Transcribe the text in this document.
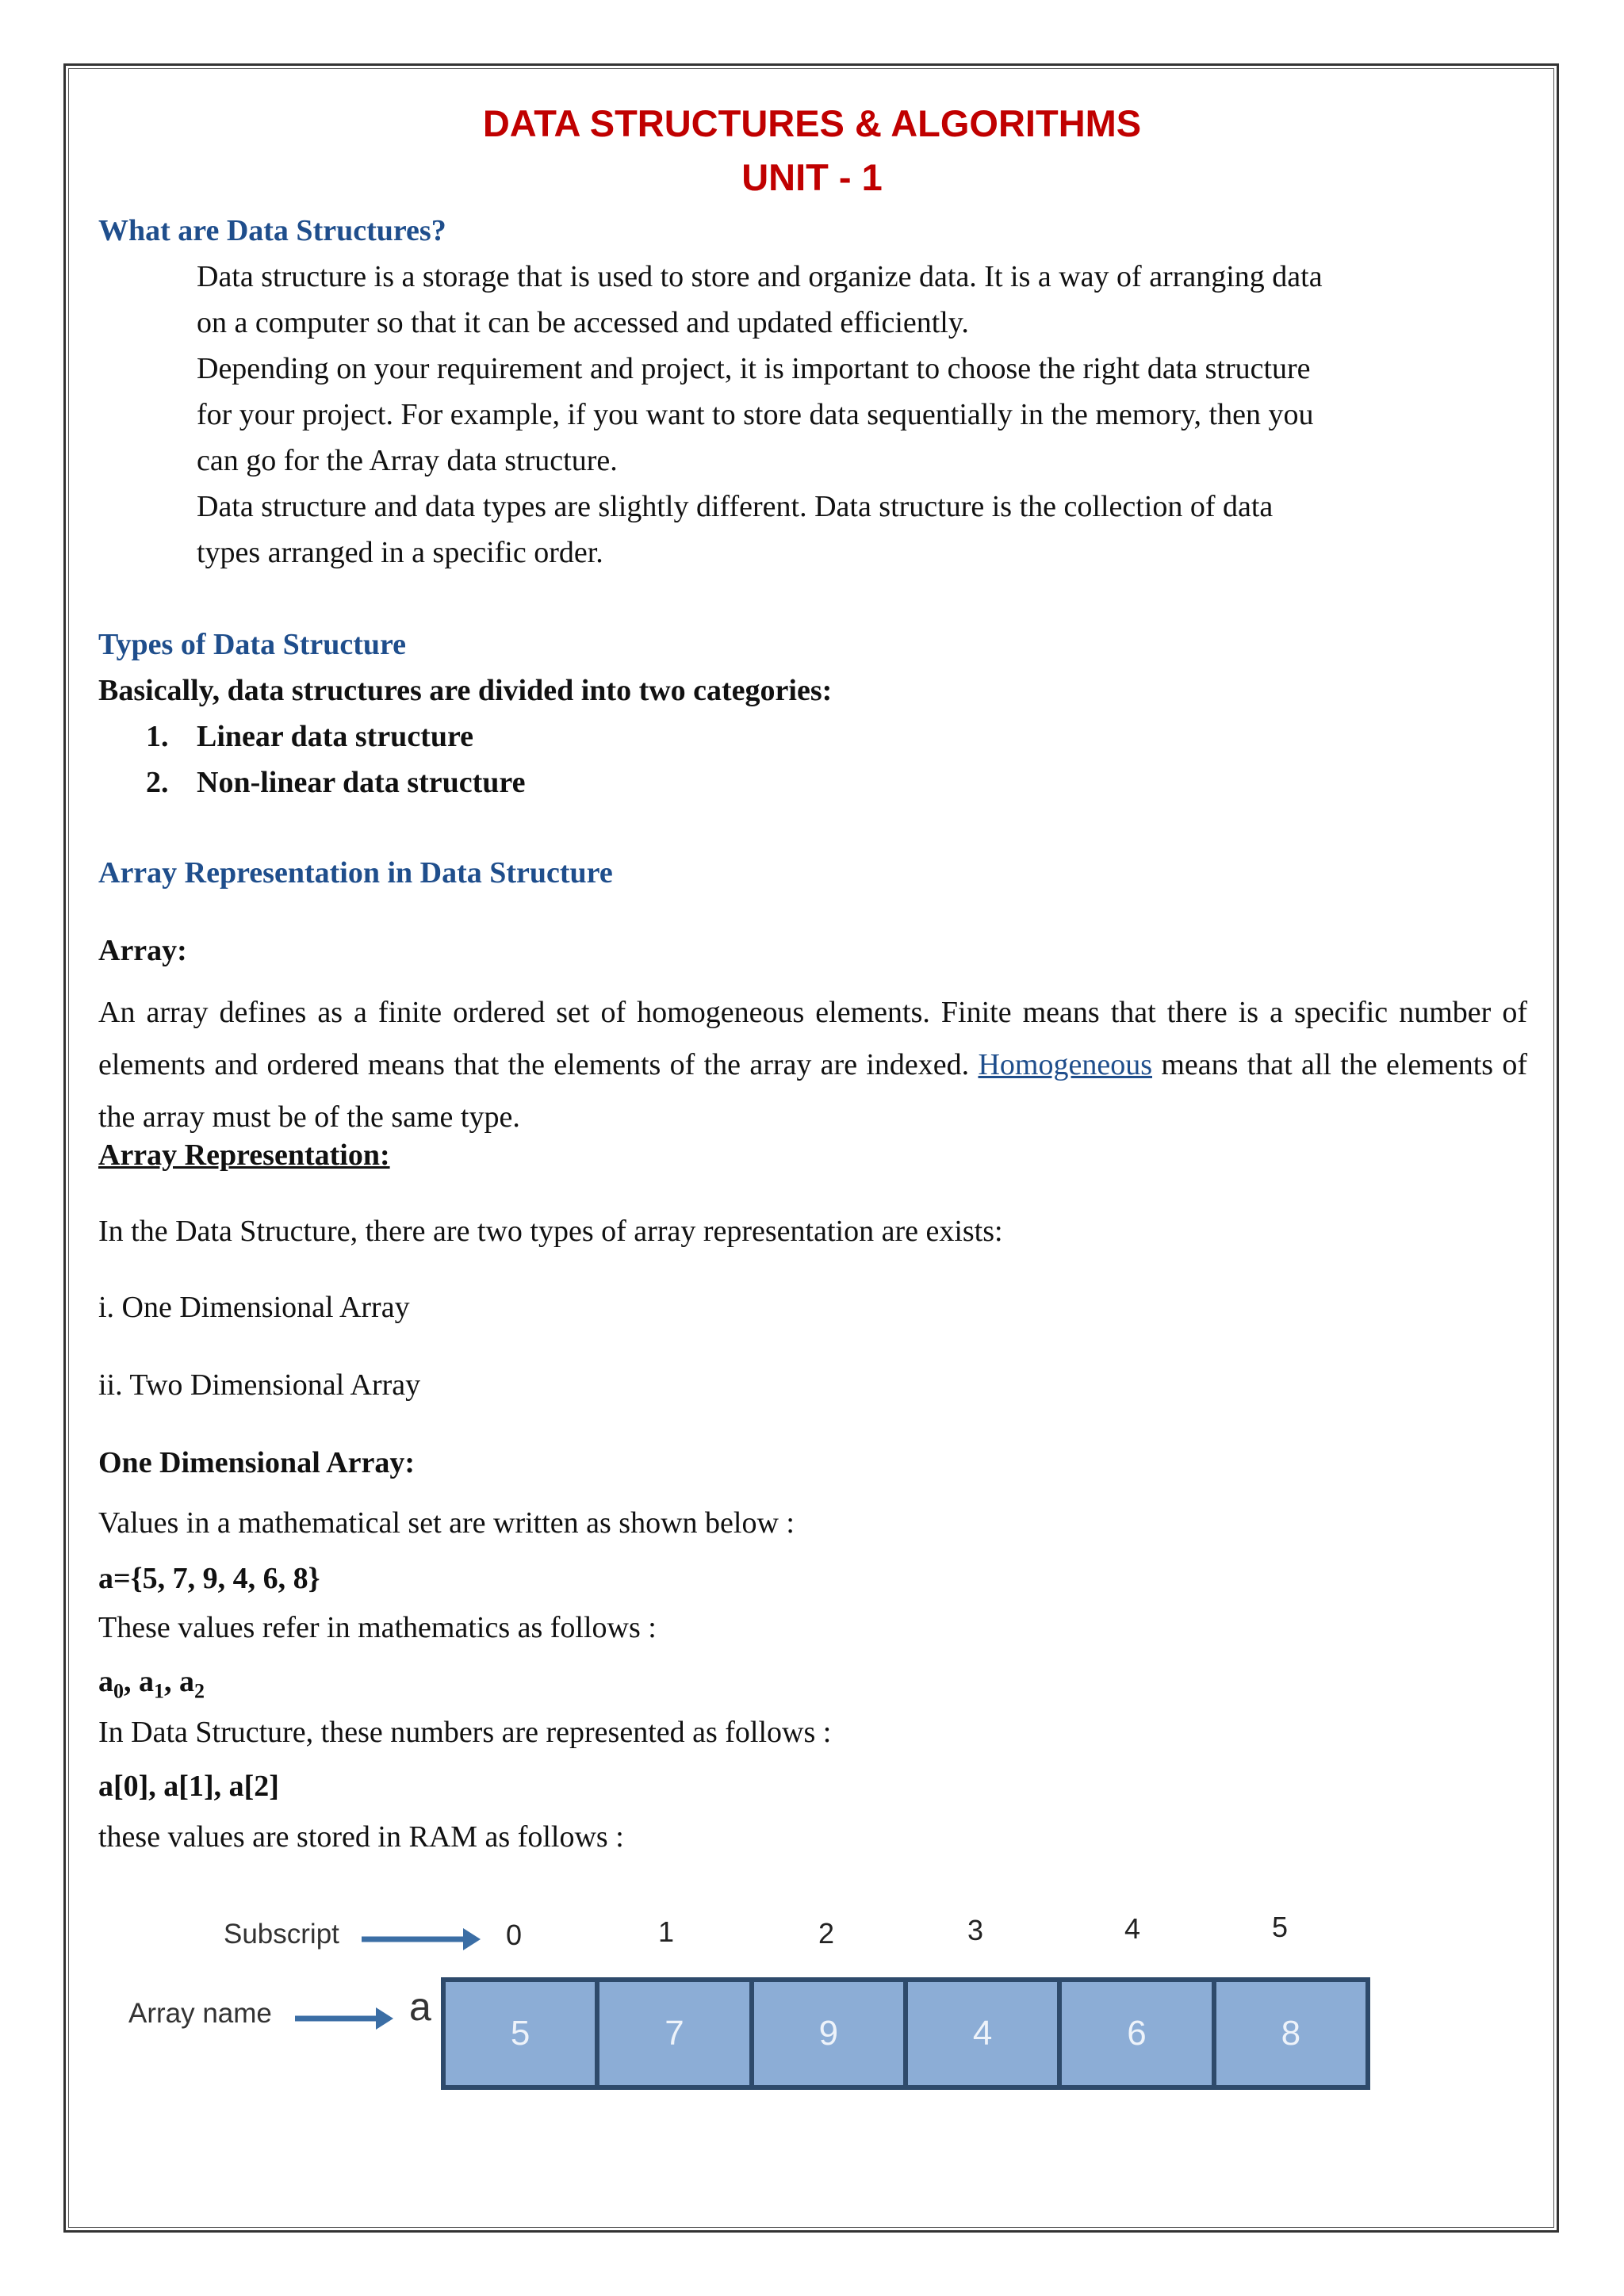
DATA STRUCTURES & ALGORITHMS
UNIT - 1
What are Data Structures?
Data structure is a storage that is used to store and organize data. It is a way of arranging data
on a computer so that it can be accessed and updated efficiently.
Depending on your requirement and project, it is important to choose the right data structure
for your project. For example, if you want to store data sequentially in the memory, then you
can go for the Array data structure.
Data structure and data types are slightly different. Data structure is the collection of data
types arranged in a specific order.
Types of Data Structure
Basically, data structures are divided into two categories:
1. Linear data structure
2. Non-linear data structure
Array Representation in Data Structure
Array:
An array defines as a finite ordered set of homogeneous elements. Finite means that there is a specific number of elements and ordered means that the elements of the array are indexed. Homogeneous means that all the elements of the array must be of the same type.
Array Representation:
In the Data Structure, there are two types of array representation are exists:
i. One Dimensional Array
ii. Two Dimensional Array
One Dimensional Array:
Values in a mathematical set are written as shown below :
a={5, 7, 9, 4, 6, 8}
These values refer in mathematics as follows :
$a_0$, $a_1$, $a_2$
In Data Structure, these numbers are represented as follows :
a[0], a[1], a[2]
these values are stored in RAM as follows :
Subscript	0	1	2	3	4	5
Array name	a
5	7	9	4	6	8
